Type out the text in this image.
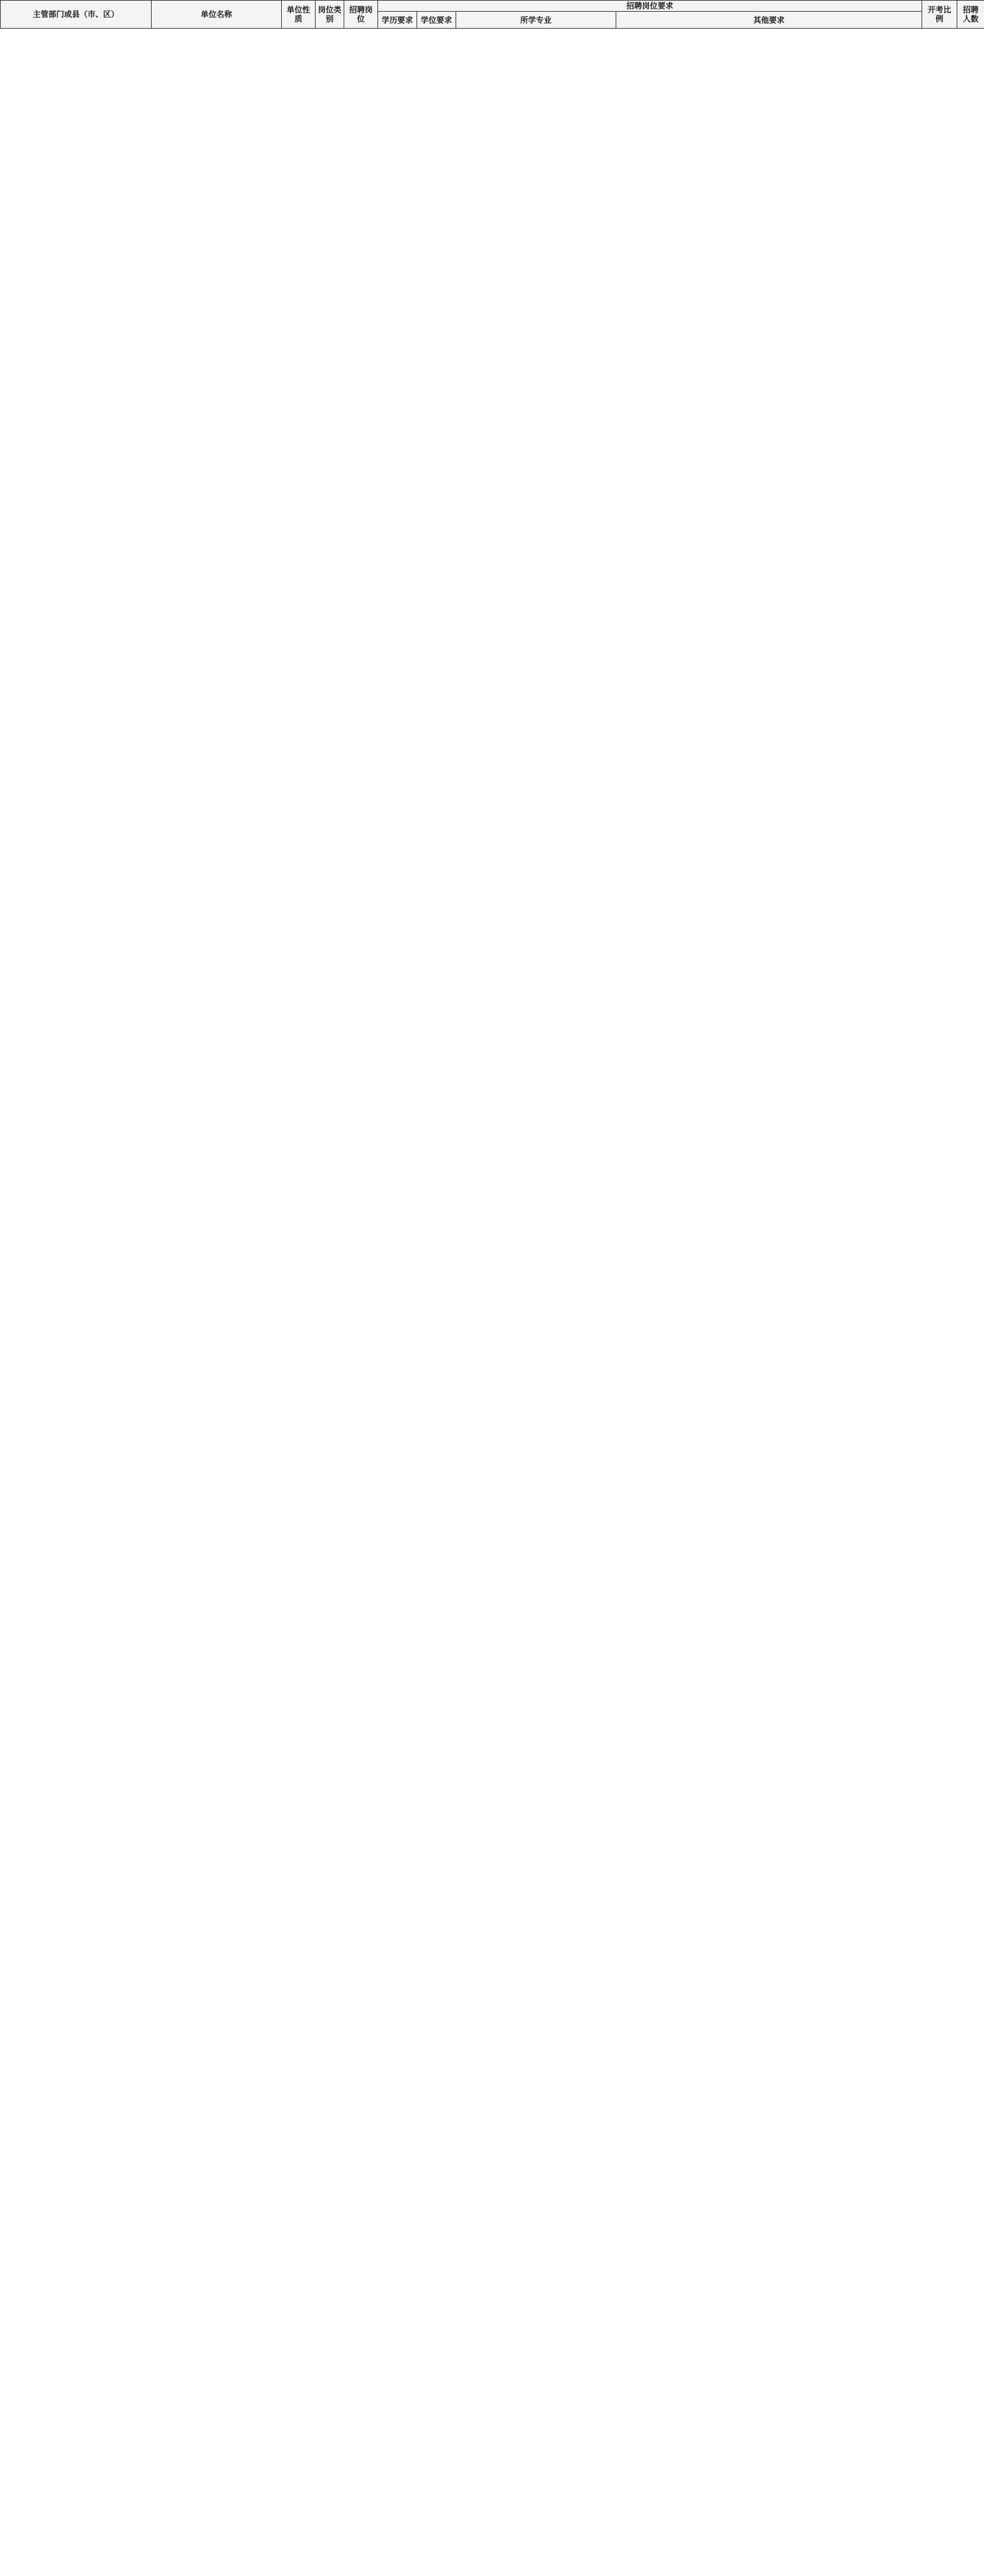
主管部门或县（市、区）	单位名称	单位性质	岗位类别	招聘岗位	招聘岗位要求				开考比例	招聘人数
					学历要求	学位要求	所学专业	其他要求		
